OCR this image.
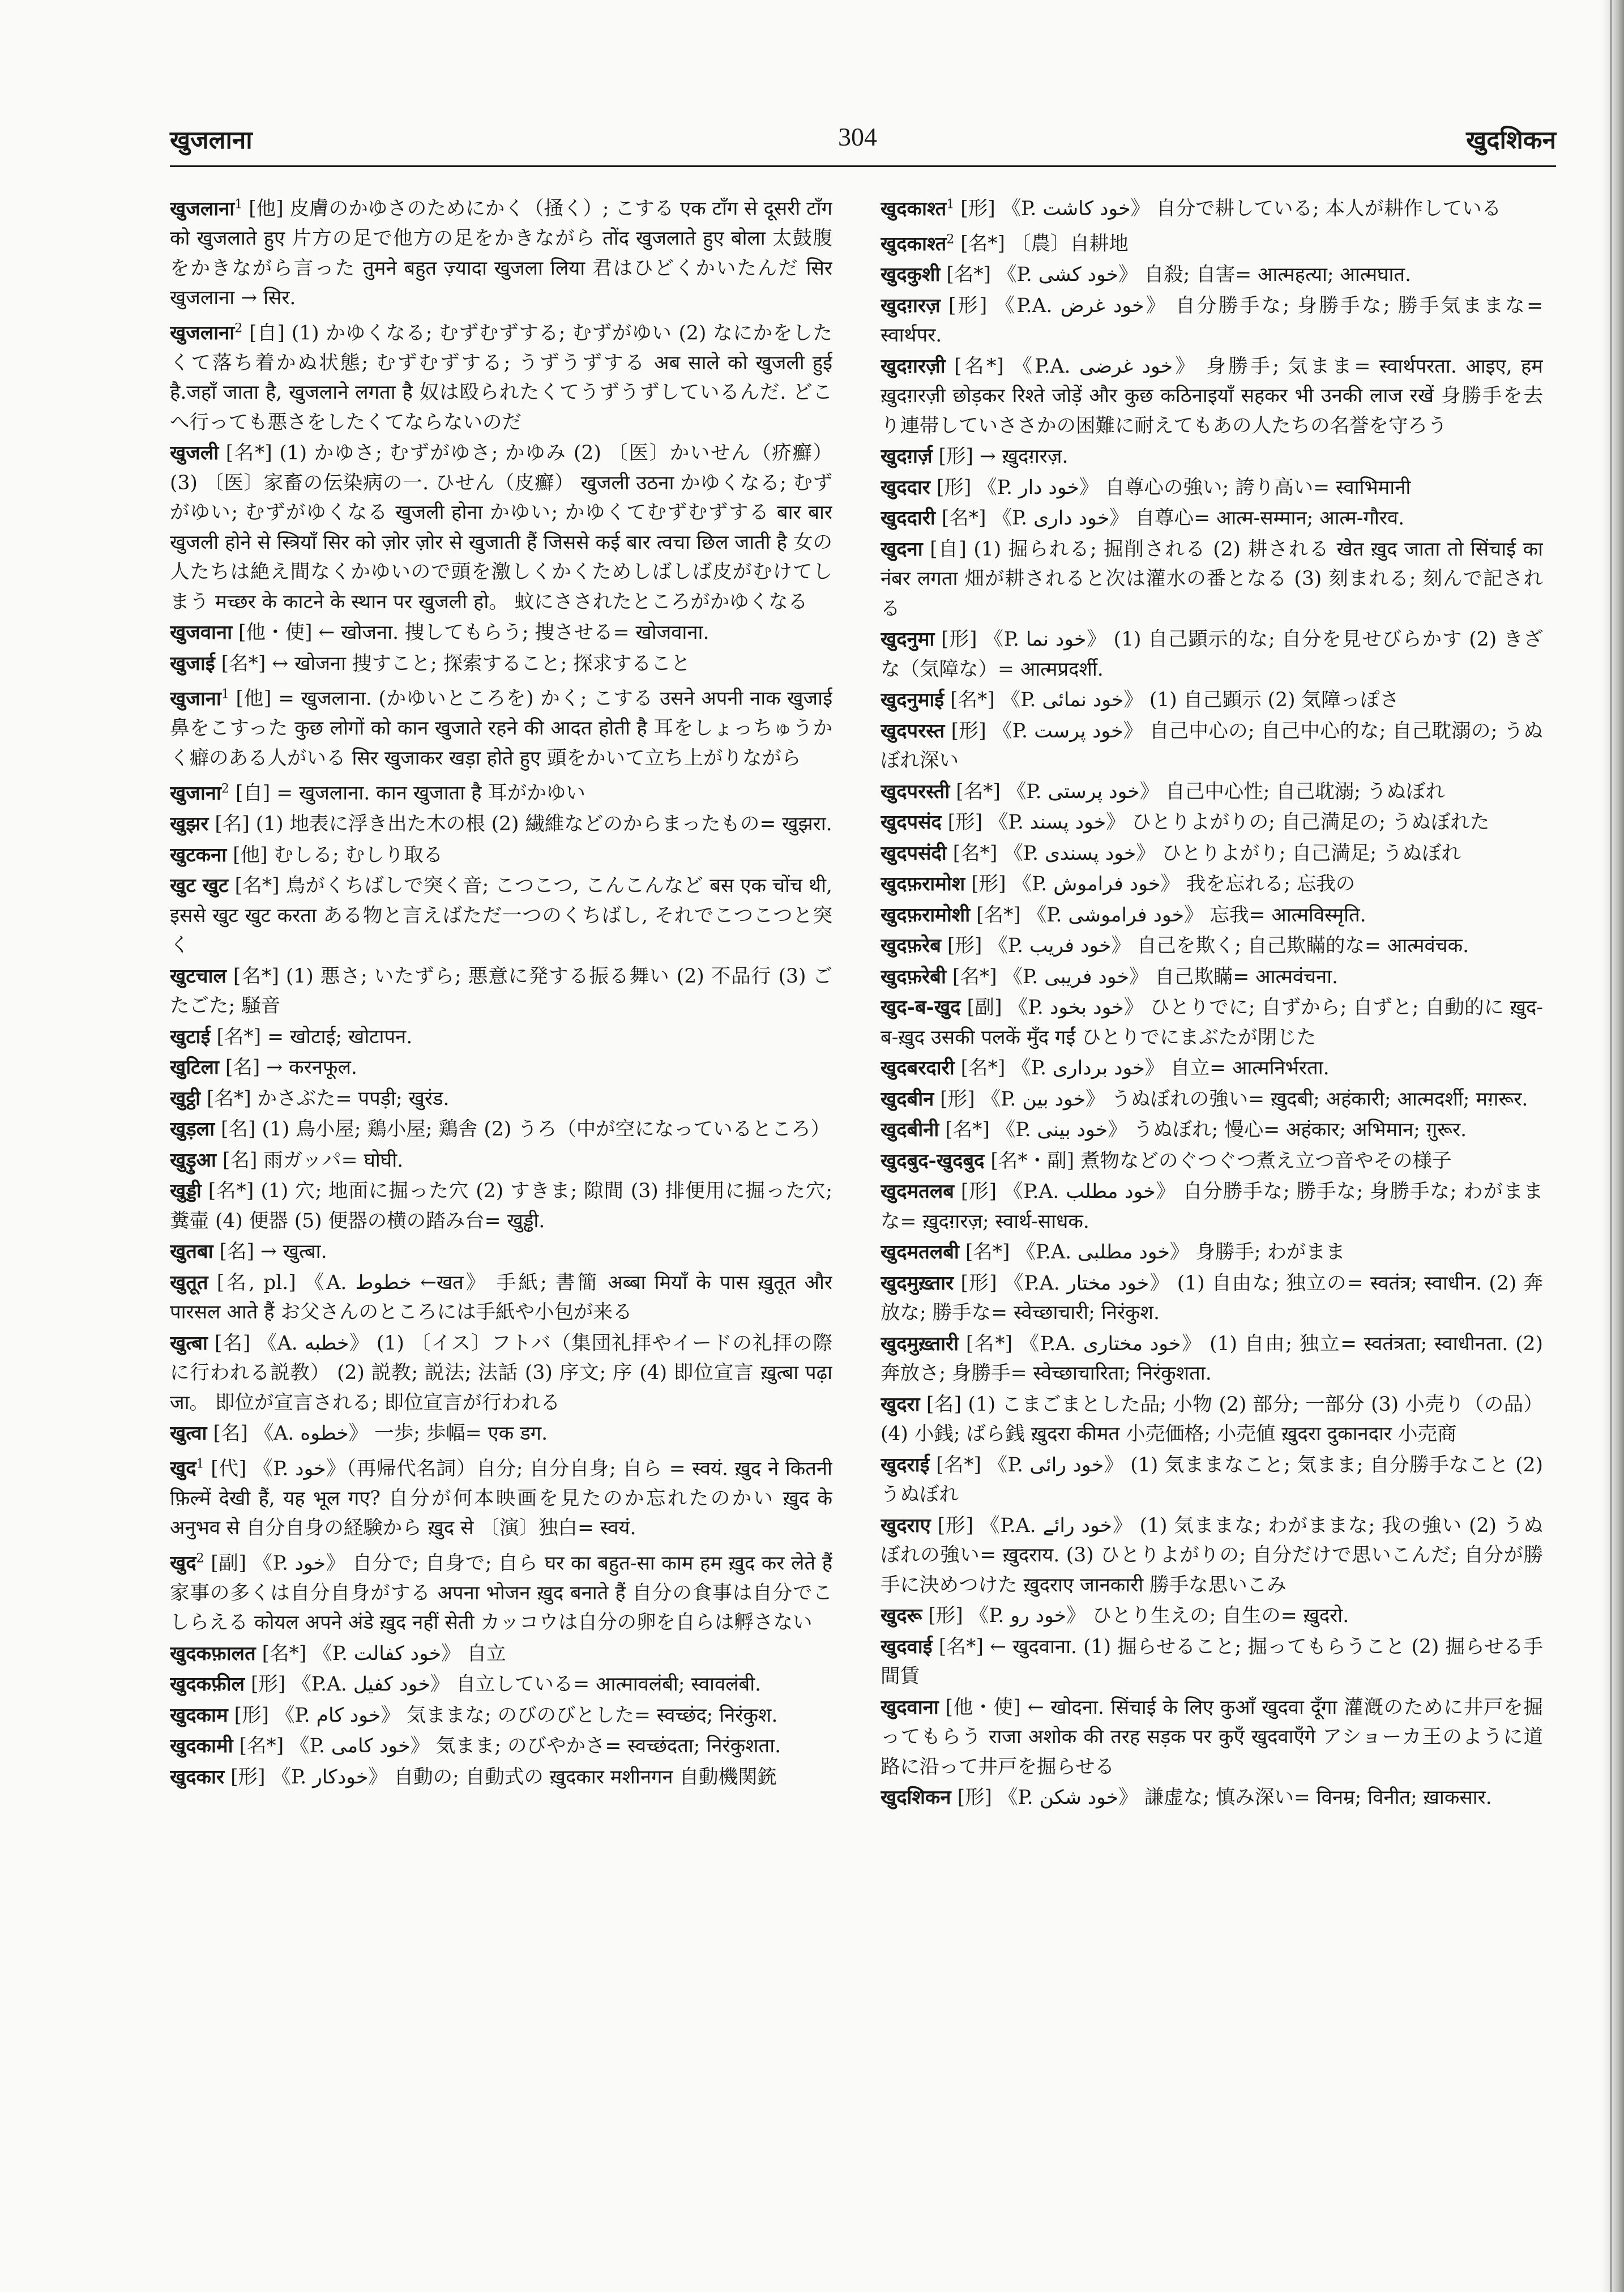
खुजलाना	304	खुदशिकन
खुजलाना$^1$ [他] 皮膚のかゆさのためにかく（掻く）; こする एक टाँग से दूसरी टाँग को खुजलाते हुए 片方の足で他方の足をかきながら तोंद खुजलाते हुए बोला 太鼓腹をかきながら言った तुमने बहुत ज़्यादा खुजला लिया 君はひどくかいたんだ सिर खुजलाना → सिर.
खुजलाना$^2$ [自] (1) かゆくなる; むずむずする; むずがゆい (2) なにかをしたくて落ち着かぬ状態; むずむずする; うずうずする अब साले को खुजली हुई है.जहाँ जाता है, खुजलाने लगता है 奴は殴られたくてうずうずしているんだ. どこへ行っても悪さをしたくてならないのだ
खुजली [名*] (1) かゆさ; むずがゆさ; かゆみ (2) 〔医〕かいせん（疥癬） (3) 〔医〕家畜の伝染病の一. ひせん（皮癬） खुजली उठना かゆくなる; むずがゆい; むずがゆくなる खुजली होना かゆい; かゆくてむずむずする बार बार खुजली होने से स्त्रियाँ सिर को ज़ोर ज़ोर से खुजाती हैं जिससे कई बार त्वचा छिल जाती है 女の人たちは絶え間なくかゆいので頭を激しくかくためしばしば皮がむけてしまう मच्छर के काटने के स्थान पर खुजली हो。 蚊にさされたところがかゆくなる
खुजवाना [他・使] ← खोजना. 捜してもらう; 捜させる= खोजवाना.
खुजाई [名*] ↔ खोजना 捜すこと; 探索すること; 探求すること
खुजाना$^1$ [他] = खुजलाना. (かゆいところを) かく; こする उसने अपनी नाक खुजाई 鼻をこすった कुछ लोगों को कान खुजाते रहने की आदत होती है 耳をしょっちゅうかく癖のある人がいる सिर खुजाकर खड़ा होते हुए 頭をかいて立ち上がりながら
खुजाना$^2$ [自] = खुजलाना. कान खुजाता है 耳がかゆい
खुझर [名] (1) 地表に浮き出た木の根 (2) 繊維などのからまったもの= खुझरा.
खुटकना [他] むしる; むしり取る
खुट खुट [名*] 鳥がくちばしで突く音; こつこつ, こんこんなど बस एक चोंच थी, इससे खुट खुट करता ある物と言えばただ一つのくちばし, それでこつこつと突く
खुटचाल [名*] (1) 悪さ; いたずら; 悪意に発する振る舞い (2) 不品行 (3) ごたごた; 騒音
खुटाई [名*] = खोटाई; खोटापन.
खुटिला [名] → करनफूल.
खुट्ठी [名*] かさぶた= पपड़ी; खुरंड.
खुड़ला [名] (1) 鳥小屋; 鶏小屋; 鶏舎 (2) うろ（中が空になっているところ）
खुड़ुआ [名] 雨ガッパ= घोघी.
खुड्डी [名*] (1) 穴; 地面に掘った穴 (2) すきま; 隙間 (3) 排便用に掘った穴; 糞壷 (4) 便器 (5) 便器の横の踏み台= खुड्ढी.
खुतबा [名] → खुत्बा.
खुतूत [名, pl.] 《A. خطوط ←खत》 手紙; 書簡 अब्बा मियाँ के पास ख़ुतूत और पारसल आते हैं お父さんのところには手紙や小包が来る
खुत्बा [名] 《A. خطبه》 (1) 〔イス〕フトバ（集団礼拝やイードの礼拝の際に行われる説教） (2) 説教; 説法; 法話 (3) 序文; 序 (4) 即位宣言 ख़ुत्बा पढ़ा जा。 即位が宣言される; 即位宣言が行われる
खुत्वा [名] 《A. خطوه》 一歩; 歩幅= एक डग.
खुद$^1$ [代] 《P. خود》（再帰代名詞）自分; 自分自身; 自ら = स्वयं. ख़ुद ने कितनी फ़िल्में देखी हैं, यह भूल गए? 自分が何本映画を見たのか忘れたのかい ख़ुद के अनुभव से 自分自身の経験から ख़ुद से 〔演〕独白= स्वयं.
खुद$^2$ [副] 《P. خود》 自分で; 自身で; 自ら घर का बहुत-सा काम हम ख़ुद कर लेते हैं 家事の多くは自分自身がする अपना भोजन ख़ुद बनाते हैं 自分の食事は自分でこしらえる कोयल अपने अंडे ख़ुद नहीं सेती カッコウは自分の卵を自らは孵さない
खुदकफ़ालत [名*] 《P. خود کفالت》 自立
खुदकफ़ील [形] 《P.A. خود کفیل》 自立している= आत्मावलंबी; स्वावलंबी.
खुदकाम [形] 《P. خود کام》 気ままな; のびのびとした= स्वच्छंद; निरंकुश.
खुदकामी [名*] 《P. خود کامی》 気まま; のびやかさ= स्वच्छंदता; निरंकुशता.
खुदकार [形] 《P. خودکار》 自動の; 自動式の ख़ुदकार मशीनगन 自動機関銃
खुदकाश्त$^1$ [形] 《P. خود کاشت》 自分で耕している; 本人が耕作している
खुदकाश्त$^2$ [名*] 〔農〕自耕地
खुदकुशी [名*] 《P. خود کشی》 自殺; 自害= आत्महत्या; आत्मघात.
खुदग़रज़ [形] 《P.A. خود غرض》 自分勝手な; 身勝手な; 勝手気ままな= स्वार्थपर.
खुदग़रज़ी [名*] 《P.A. خود غرضی》 身勝手; 気まま= स्वार्थपरता. आइए, हम ख़ुदग़रज़ी छोड़कर रिश्ते जोड़ें और कुछ कठिनाइयाँ सहकर भी उनकी लाज रखें 身勝手を去り連帯していささかの困難に耐えてもあの人たちの名誉を守ろう
खुदग़र्ज़ [形] → ख़ुदग़रज़.
खुददार [形] 《P. خود دار》 自尊心の強い; 誇り高い= स्वाभिमानी
खुददारी [名*] 《P. خود داری》 自尊心= आत्म-सम्मान; आत्म-गौरव.
खुदना [自] (1) 掘られる; 掘削される (2) 耕される खेत ख़ुद जाता तो सिंचाई का नंबर लगता 畑が耕されると次は灌水の番となる (3) 刻まれる; 刻んで記される
खुदनुमा [形] 《P. خود نما》 (1) 自己顕示的な; 自分を見せびらかす (2) きざな（気障な）= आत्मप्रदर्शी.
खुदनुमाई [名*] 《P. خود نمائی》 (1) 自己顕示 (2) 気障っぽさ
खुदपरस्त [形] 《P. خود پرست》 自己中心の; 自己中心的な; 自己耽溺の; うぬぼれ深い
खुदपरस्ती [名*] 《P. خود پرستی》 自己中心性; 自己耽溺; うぬぼれ
खुदपसंद [形] 《P. خود پسند》 ひとりよがりの; 自己満足の; うぬぼれた
खुदपसंदी [名*] 《P. خود پسندی》 ひとりよがり; 自己満足; うぬぼれ
खुदफ़रामोश [形] 《P. خود فراموش》 我を忘れる; 忘我の
खुदफ़रामोशी [名*] 《P. خود فراموشی》 忘我= आत्मविस्मृति.
खुदफ़रेब [形] 《P. خود فریب》 自己を欺く; 自己欺瞞的な= आत्मवंचक.
खुदफ़रेबी [名*] 《P. خود فریبی》 自己欺瞞= आत्मवंचना.
खुद-ब-खुद [副] 《P. خود بخود》 ひとりでに; 自ずから; 自ずと; 自動的に ख़ुद-ब-ख़ुद उसकी पलकें मुँद गईं ひとりでにまぶたが閉じた
खुदबरदारी [名*] 《P. خود برداری》 自立= आत्मनिर्भरता.
खुदबीन [形] 《P. خود بین》 うぬぼれの強い= ख़ुदबी; अहंकारी; आत्मदर्शी; मग़रूर.
खुदबीनी [名*] 《P. خود بینی》 うぬぼれ; 慢心= अहंकार; अभिमान; ग़ुरूर.
खुदबुद-खुदबुद [名*・副] 煮物などのぐつぐつ煮え立つ音やその様子
खुदमतलब [形] 《P.A. خود مطلب》 自分勝手な; 勝手な; 身勝手な; わがままな= ख़ुदग़रज़; स्वार्थ-साधक.
खुदमतलबी [名*] 《P.A. خود مطلبی》 身勝手; わがまま
खुदमुख़्तार [形] 《P.A. خود مختار》 (1) 自由な; 独立の= स्वतंत्र; स्वाधीन. (2) 奔放な; 勝手な= स्वेच्छाचारी; निरंकुश.
खुदमुख़्तारी [名*] 《P.A. خود مختاری》 (1) 自由; 独立= स्वतंत्रता; स्वाधीनता. (2) 奔放さ; 身勝手= स्वेच्छाचारिता; निरंकुशता.
खुदरा [名] (1) こまごまとした品; 小物 (2) 部分; 一部分 (3) 小売り（の品） (4) 小銭; ばら銭 ख़ुदरा कीमत 小売価格; 小売値 ख़ुदरा दुकानदार 小売商
खुदराई [名*] 《P. خود رائی》 (1) 気ままなこと; 気まま; 自分勝手なこと (2) うぬぼれ
खुदराए [形] 《P.A. خود رائے》 (1) 気ままな; わがままな; 我の強い (2) うぬぼれの強い= ख़ुदराय. (3) ひとりよがりの; 自分だけで思いこんだ; 自分が勝手に決めつけた ख़ुदराए जानकारी 勝手な思いこみ
खुदरू [形] 《P. خود رو》 ひとり生えの; 自生の= ख़ुदरो.
खुदवाई [名*] ← खुदवाना. (1) 掘らせること; 掘ってもらうこと (2) 掘らせる手間賃
खुदवाना [他・使] ← खोदना. सिंचाई के लिए कुआँ खुदवा दूँगा 灌漑のために井戸を掘ってもらう राजा अशोक की तरह सड़क पर कुएँ खुदवाएँगे アショーカ王のように道路に沿って井戸を掘らせる
खुदशिकन [形] 《P. خود شکن》 謙虚な; 慎み深い= विनम्र; विनीत; ख़ाकसार.
